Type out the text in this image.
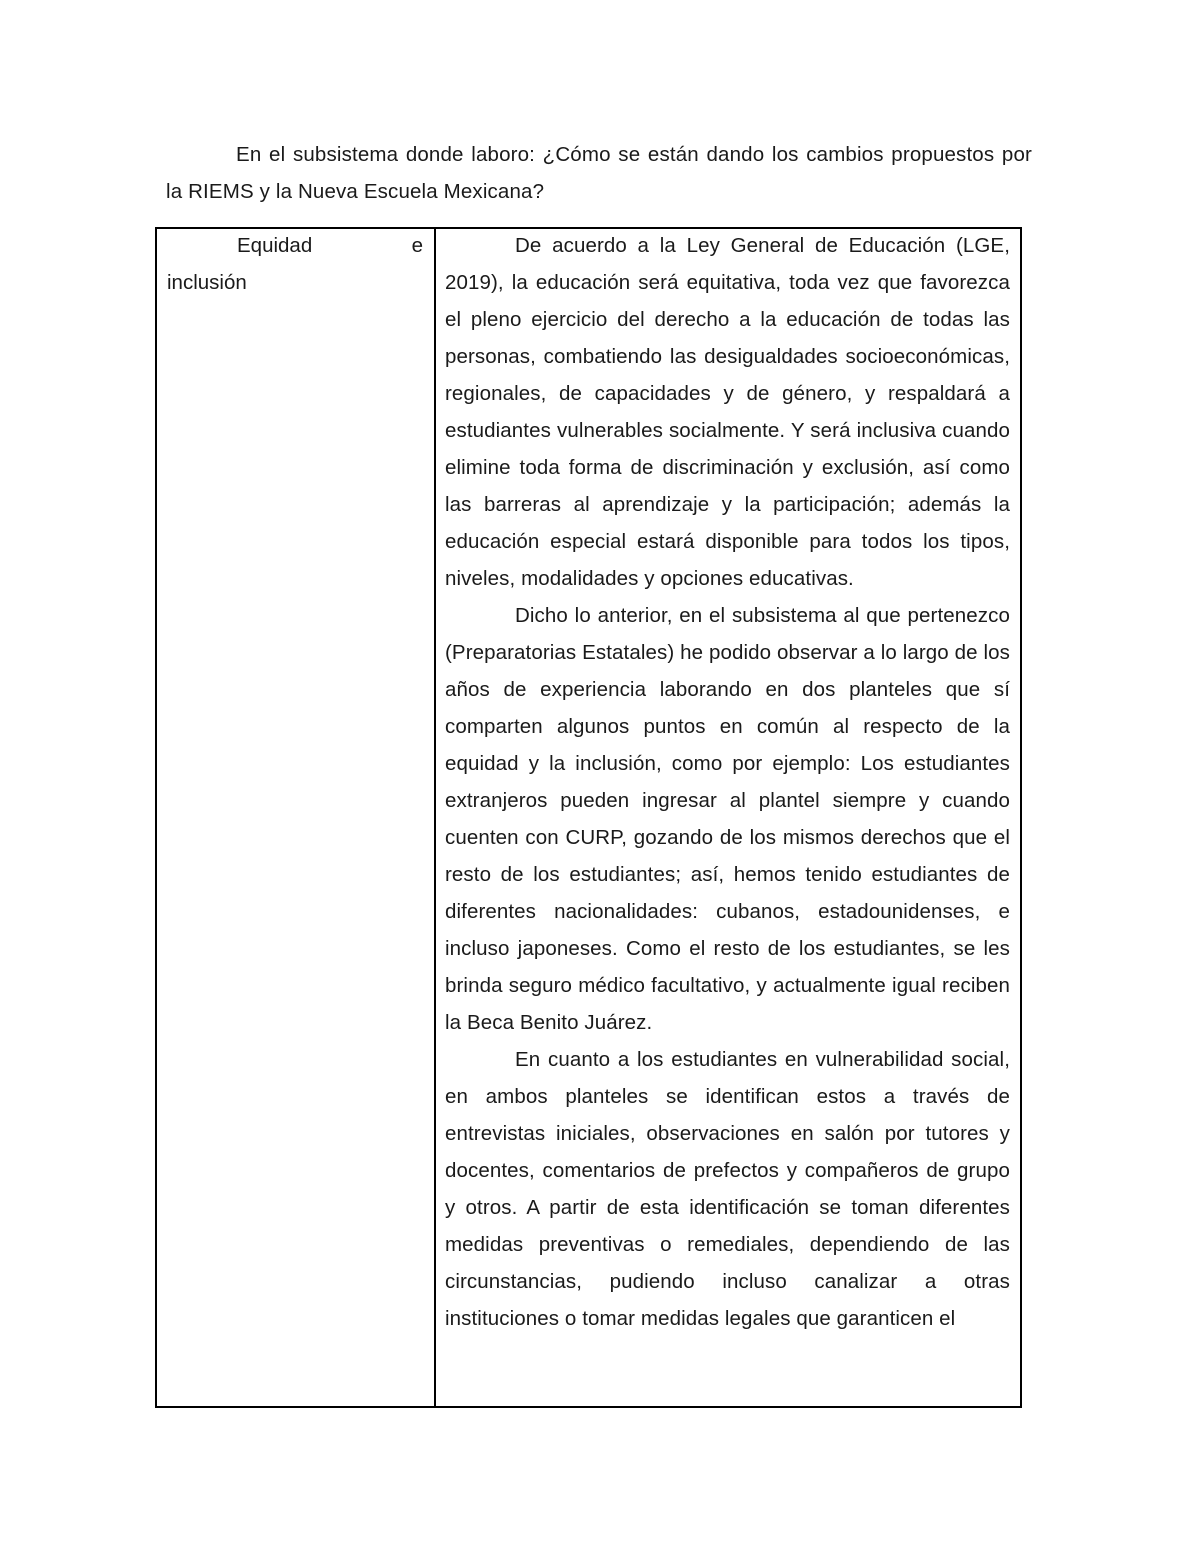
En el subsistema donde laboro: ¿Cómo se están dando los cambios propuestos por la RIEMS y la Nueva Escuela Mexicana?

Equidad	e
inclusión

De acuerdo a la Ley General de Educación (LGE, 2019), la educación será equitativa, toda vez que favorezca el pleno ejercicio del derecho a la educación de todas las personas, combatiendo las desigualdades socioeconómicas, regionales, de capacidades y de género, y respaldará a estudiantes vulnerables socialmente. Y será inclusiva cuando elimine toda forma de discriminación y exclusión, así como las barreras al aprendizaje y la participación; además la educación especial estará disponible para todos los tipos, niveles, modalidades y opciones educativas.

Dicho lo anterior, en el subsistema al que pertenezco (Preparatorias Estatales) he podido observar a lo largo de los años de experiencia laborando en dos planteles que sí comparten algunos puntos en común al respecto de la equidad y la inclusión, como por ejemplo: Los estudiantes extranjeros pueden ingresar al plantel siempre y cuando cuenten con CURP, gozando de los mismos derechos que el resto de los estudiantes; así, hemos tenido estudiantes de diferentes nacionalidades: cubanos, estadounidenses, e incluso japoneses. Como el resto de los estudiantes, se les brinda seguro médico facultativo, y actualmente igual reciben la Beca Benito Juárez.

En cuanto a los estudiantes en vulnerabilidad social, en ambos planteles se identifican estos a través de entrevistas iniciales, observaciones en salón por tutores y docentes, comentarios de prefectos y compañeros de grupo y otros. A partir de esta identificación se toman diferentes medidas preventivas o remediales, dependiendo de las circunstancias, pudiendo incluso canalizar a otras instituciones o tomar medidas legales que garanticen el
